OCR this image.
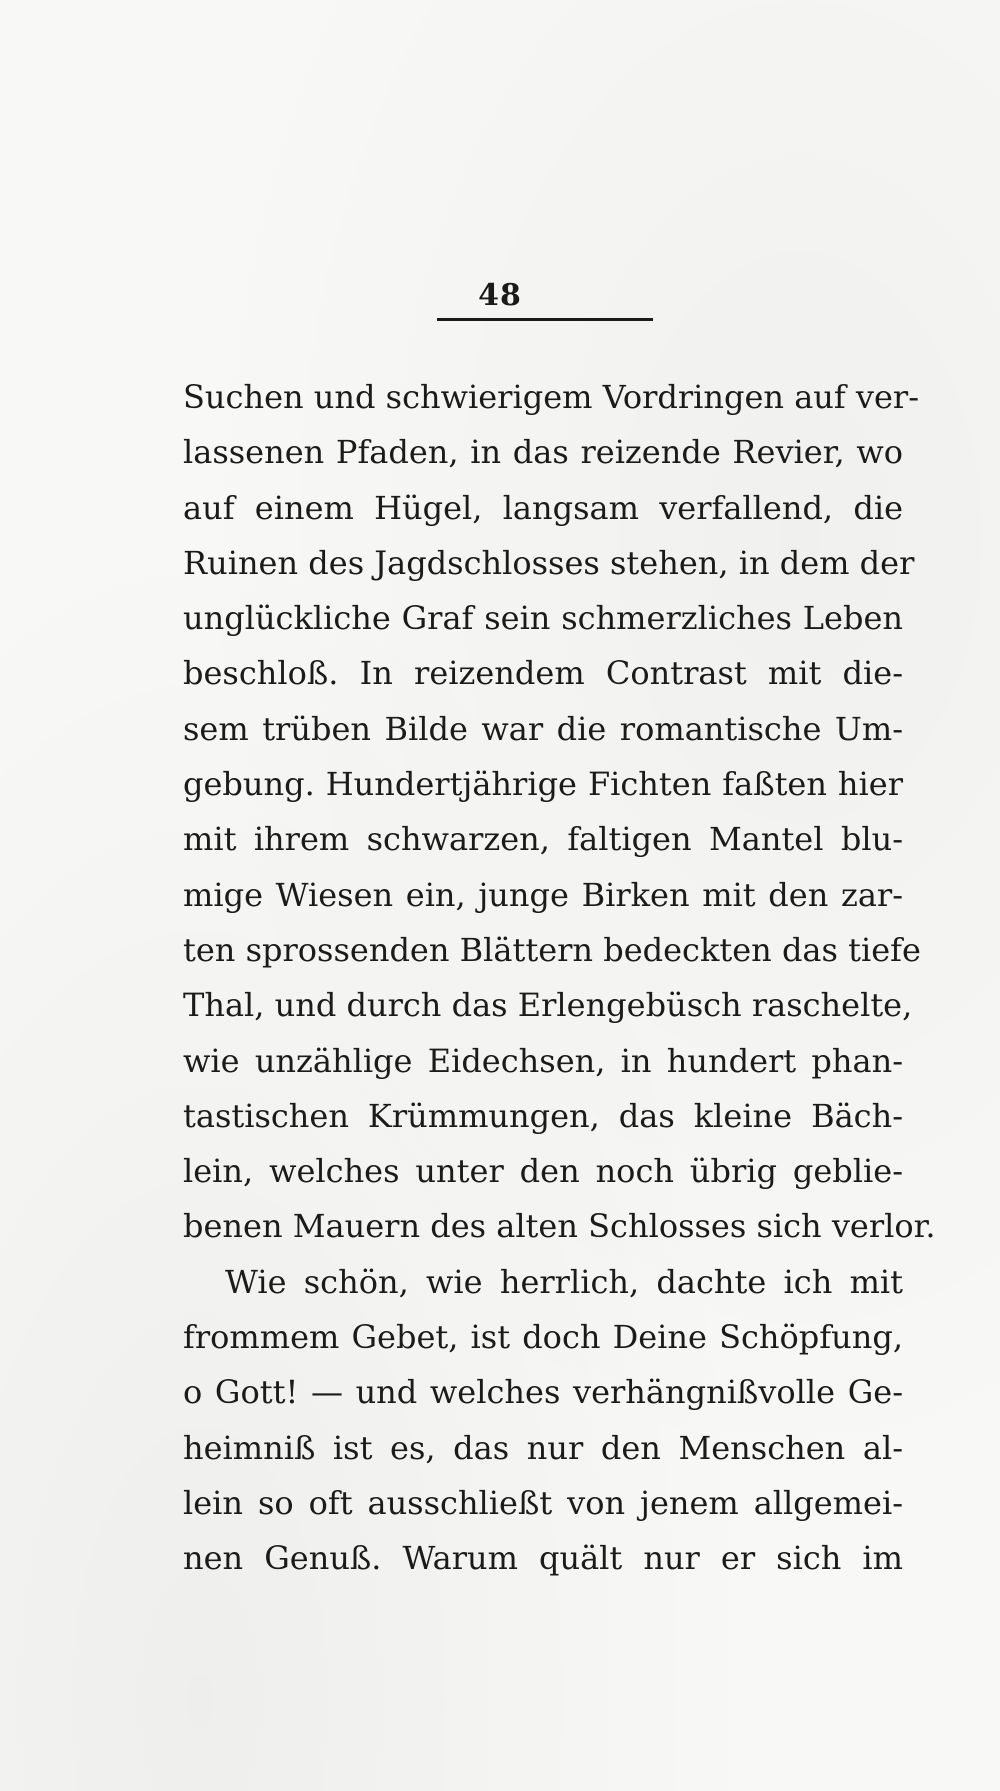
48
Suchen und schwierigem Vordringen auf ver-
lassenen Pfaden, in das reizende Revier, wo
auf einem Hügel, langsam verfallend, die
Ruinen des Jagdschlosses stehen, in dem der
unglückliche Graf sein schmerzliches Leben
beschloß. In reizendem Contrast mit die-
sem trüben Bilde war die romantische Um-
gebung. Hundertjährige Fichten faßten hier
mit ihrem schwarzen, faltigen Mantel blu-
mige Wiesen ein, junge Birken mit den zar-
ten sprossenden Blättern bedeckten das tiefe
Thal, und durch das Erlengebüsch raschelte,
wie unzählige Eidechsen, in hundert phan-
tastischen Krümmungen, das kleine Bäch-
lein, welches unter den noch übrig geblie-
benen Mauern des alten Schlosses sich verlor.
Wie schön, wie herrlich, dachte ich mit
frommem Gebet, ist doch Deine Schöpfung,
o Gott! — und welches verhängnißvolle Ge-
heimniß ist es, das nur den Menschen al-
lein so oft ausschließt von jenem allgemei-
nen Genuß. Warum quält nur er sich im
